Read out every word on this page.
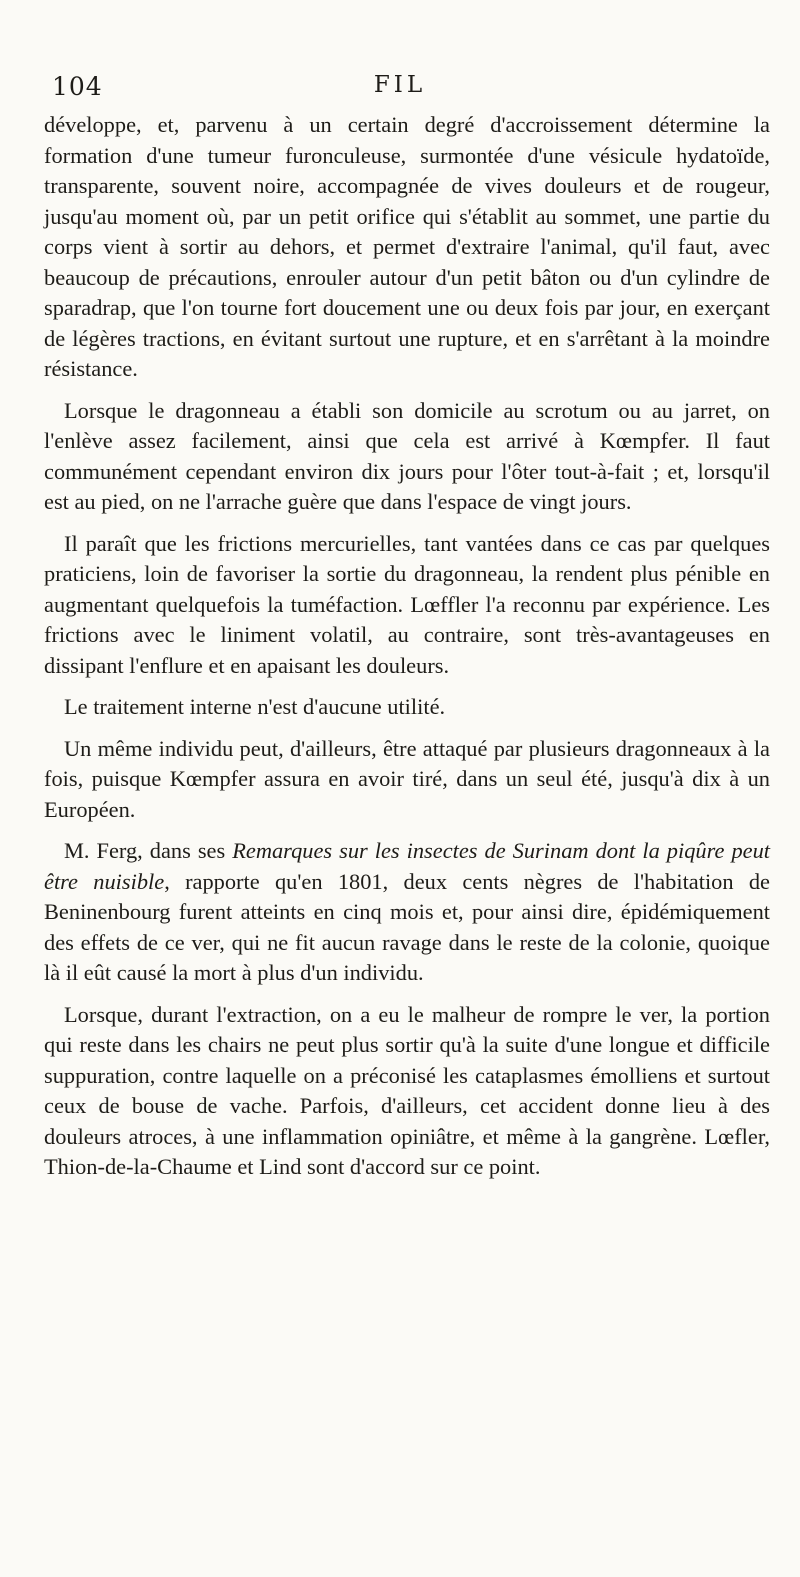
104	FIL

développe, et, parvenu à un certain degré d'accroissement détermine la formation d'une tumeur furonculeuse, surmontée d'une vésicule hydatoïde, transparente, souvent noire, accompagnée de vives douleurs et de rougeur, jusqu'au moment où, par un petit orifice qui s'établit au sommet, une partie du corps vient à sortir au dehors, et permet d'extraire l'animal, qu'il faut, avec beaucoup de précautions, enrouler autour d'un petit bâton ou d'un cylindre de sparadrap, que l'on tourne fort doucement une ou deux fois par jour, en exerçant de légères tractions, en évitant surtout une rupture, et en s'arrêtant à la moindre résistance.

Lorsque le dragonneau a établi son domicile au scrotum ou au jarret, on l'enlève assez facilement, ainsi que cela est arrivé à Kœmpfer. Il faut communément cependant environ dix jours pour l'ôter tout-à-fait ; et, lorsqu'il est au pied, on ne l'arrache guère que dans l'espace de vingt jours.

Il paraît que les frictions mercurielles, tant vantées dans ce cas par quelques praticiens, loin de favoriser la sortie du dragonneau, la rendent plus pénible en augmentant quelquefois la tuméfaction. Lœffler l'a reconnu par expérience. Les frictions avec le liniment volatil, au contraire, sont très-avantageuses en dissipant l'enflure et en apaisant les douleurs.

Le traitement interne n'est d'aucune utilité.

Un même individu peut, d'ailleurs, être attaqué par plusieurs dragonneaux à la fois, puisque Kœmpfer assura en avoir tiré, dans un seul été, jusqu'à dix à un Européen.

M. Ferg, dans ses Remarques sur les insectes de Surinam dont la piqûre peut être nuisible, rapporte qu'en 1801, deux cents nègres de l'habitation de Beninenbourg furent atteints en cinq mois et, pour ainsi dire, épidémiquement des effets de ce ver, qui ne fit aucun ravage dans le reste de la colonie, quoique là il eût causé la mort à plus d'un individu.

Lorsque, durant l'extraction, on a eu le malheur de rompre le ver, la portion qui reste dans les chairs ne peut plus sortir qu'à la suite d'une longue et difficile suppuration, contre laquelle on a préconisé les cataplasmes émolliens et surtout ceux de bouse de vache. Parfois, d'ailleurs, cet accident donne lieu à des douleurs atroces, à une inflammation opiniâtre, et même à la gangrène. Lœfler, Thion-de-la-Chaume et Lind sont d'accord sur ce point.
